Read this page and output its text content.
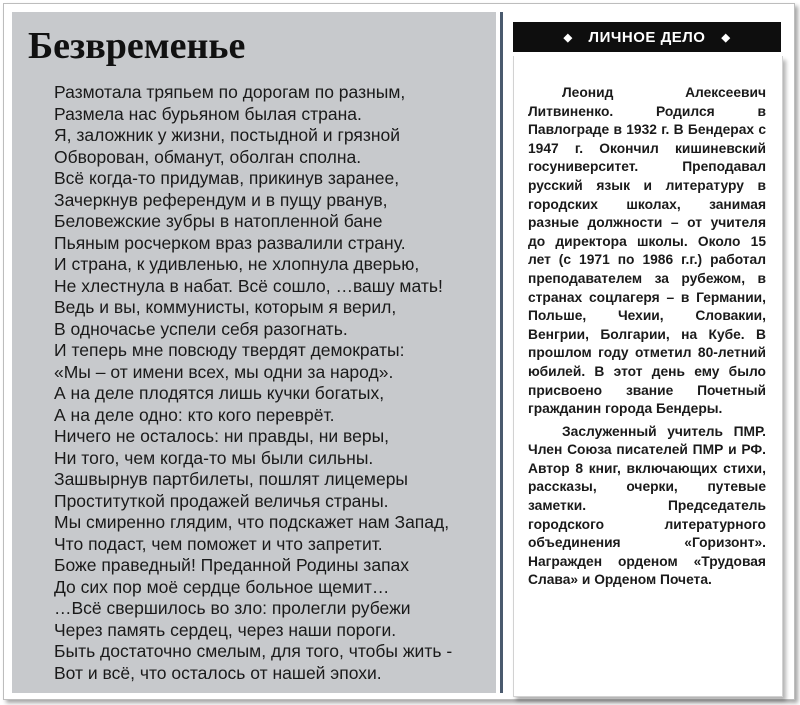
Безвременье
Размотала тряпьем по дорогам по разным,
Размела нас бурьяном былая страна.
Я, заложник у жизни, постыдной и грязной
Обворован, обманут, оболган сполна.
Всё когда-то придумав, прикинув заранее,
Зачеркнув референдум и в пущу рванув,
Беловежские зубры в натопленной бане
Пьяным росчерком враз развалили страну.
И страна, к удивленью, не хлопнула дверью,
Не хлестнула в набат. Всё сошло, …вашу мать!
Ведь и вы, коммунисты, которым я верил,
В одночасье успели себя разогнать.
И теперь мне повсюду твердят демократы:
«Мы – от имени всех, мы одни за народ».
А на деле плодятся лишь кучки богатых,
А на деле одно: кто кого переврёт.
Ничего не осталось: ни правды, ни веры,
Ни того, чем когда-то мы были сильны.
Зашвырнув партбилеты, пошлят лицемеры
Проституткой продажей величья страны.
Мы смиренно глядим, что подскажет нам Запад,
Что подаст, чем поможет и что запретит.
Боже праведный! Преданной Родины запах
До сих пор моё сердце больное щемит…
…Всё свершилось во зло: пролегли рубежи
Через память сердец, через наши пороги.
Быть достаточно смелым, для того, чтобы жить -
Вот и всё, что осталось от нашей эпохи.
◆ ЛИЧНОЕ ДЕЛО ◆

Леонид Алексеевич Литвиненко. Родился в Павлограде в 1932 г. В Бендерах с 1947 г. Окончил кишиневский госуниверситет. Преподавал русский язык и литературу в городских школах, занимая разные должности – от учителя до директора школы. Около 15 лет (с 1971 по 1986 г.г.) работал преподавателем за рубежом, в странах соцлагеря – в Германии, Польше, Чехии, Словакии, Венгрии, Болгарии, на Кубе. В прошлом году отметил 80-летний юбилей. В этот день ему было присвоено звание Почетный гражданин города Бендеры.

Заслуженный учитель ПМР. Член Союза писателей ПМР и РФ. Автор 8 книг, включающих стихи, рассказы, очерки, путевые заметки. Председатель городского литературного объединения «Горизонт». Награжден орденом «Трудовая Слава» и Орденом Почета.
